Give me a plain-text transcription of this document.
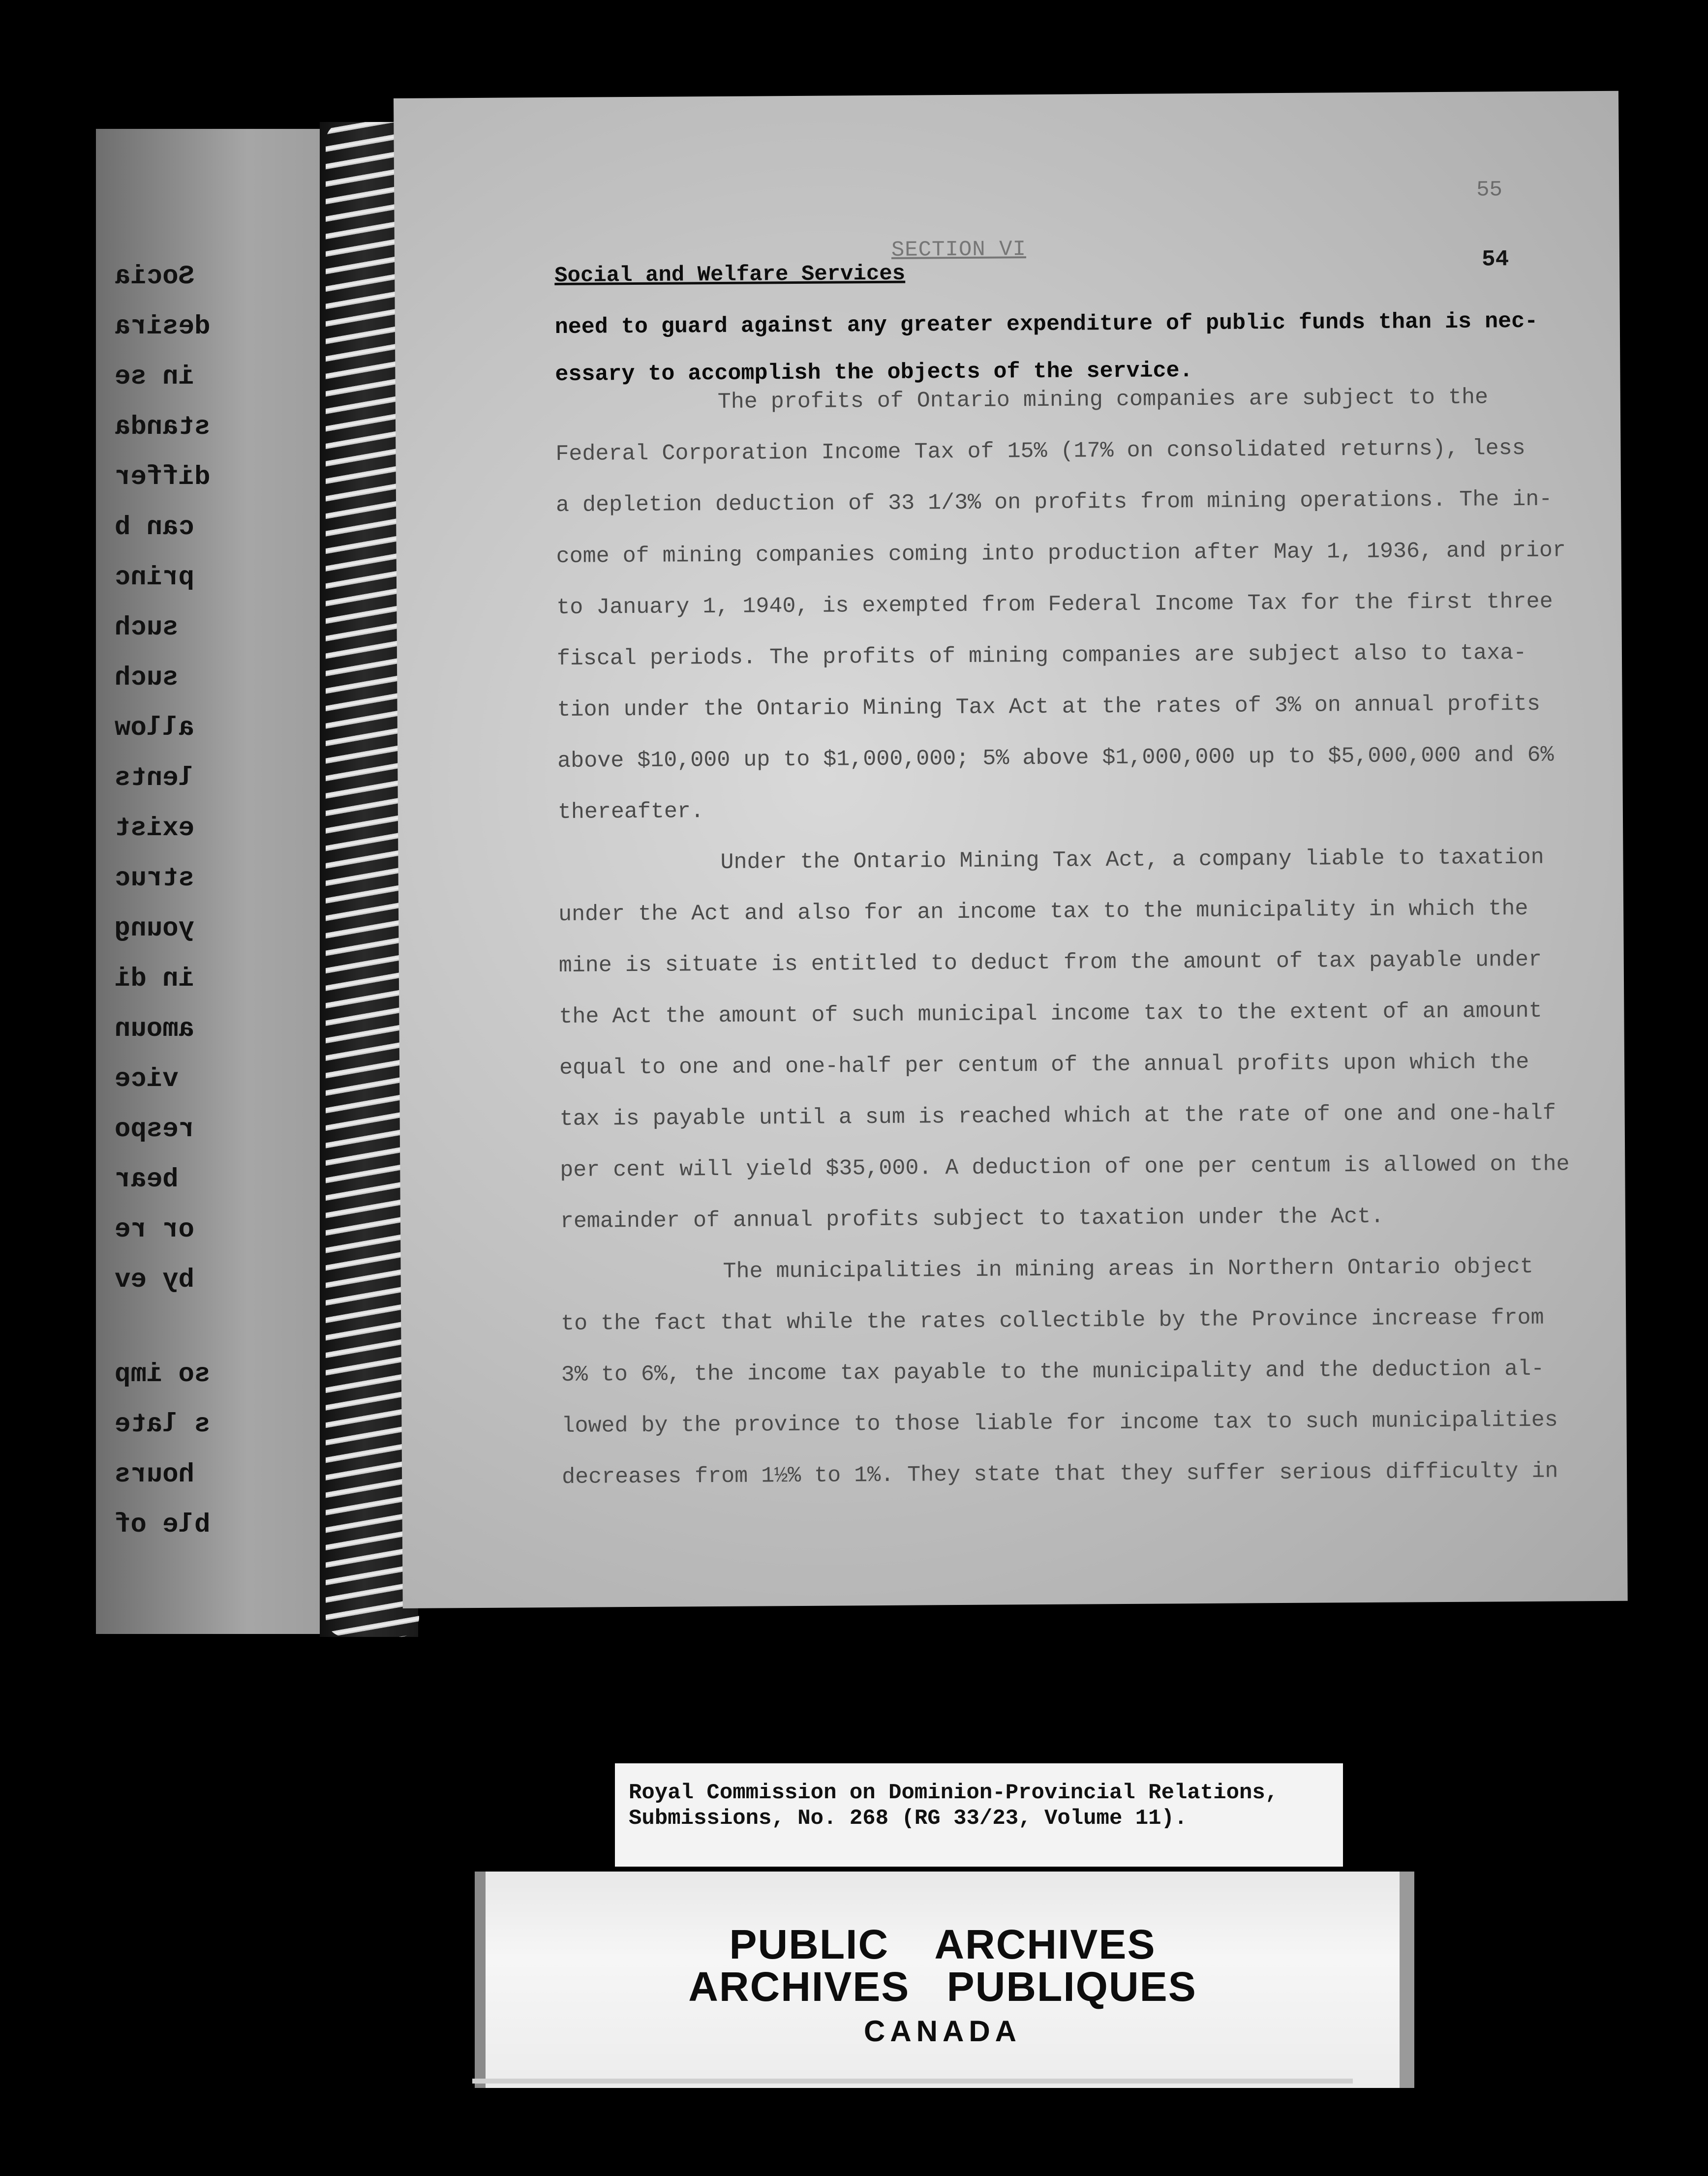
Socia
desira
in se
standa
differ
can b
princ
such
such
allow
lents
exist
struc
young
in di
amoun
vice
respo
bear
or re
by ev
so imp
s late
hours
ble of
55
54
SECTION VI
Social and Welfare Services
need to guard against any greater expenditure of public funds than is nec-
essary to accomplish the objects of the service.
The profits of Ontario mining companies are subject to the
Federal Corporation Income Tax of 15% (17% on consolidated returns), less
a depletion deduction of 33 1/3% on profits from mining operations. The in-
come of mining companies coming into production after May 1, 1936, and prior
to January 1, 1940, is exempted from Federal Income Tax for the first three
fiscal periods. The profits of mining companies are subject also to taxa-
tion under the Ontario Mining Tax Act at the rates of 3% on annual profits
above $10,000 up to $1,000,000; 5% above $1,000,000 up to $5,000,000 and 6%
thereafter.
Under the Ontario Mining Tax Act, a company liable to taxation
under the Act and also for an income tax to the municipality in which the
mine is situate is entitled to deduct from the amount of tax payable under
the Act the amount of such municipal income tax to the extent of an amount
equal to one and one-half per centum of the annual profits upon which the
tax is payable until a sum is reached which at the rate of one and one-half
per cent will yield $35,000. A deduction of one per centum is allowed on the
remainder of annual profits subject to taxation under the Act.
The municipalities in mining areas in Northern Ontario object
to the fact that while the rates collectible by the Province increase from
3% to 6%, the income tax payable to the municipality and the deduction al-
lowed by the province to those liable for income tax to such municipalities
decreases from 1½% to 1%. They state that they suffer serious difficulty in
Royal Commission on Dominion-Provincial Relations,
Submissions, No. 268 (RG 33/23, Volume 11).
PUBLIC ARCHIVES
ARCHIVES PUBLIQUES
CANADA
